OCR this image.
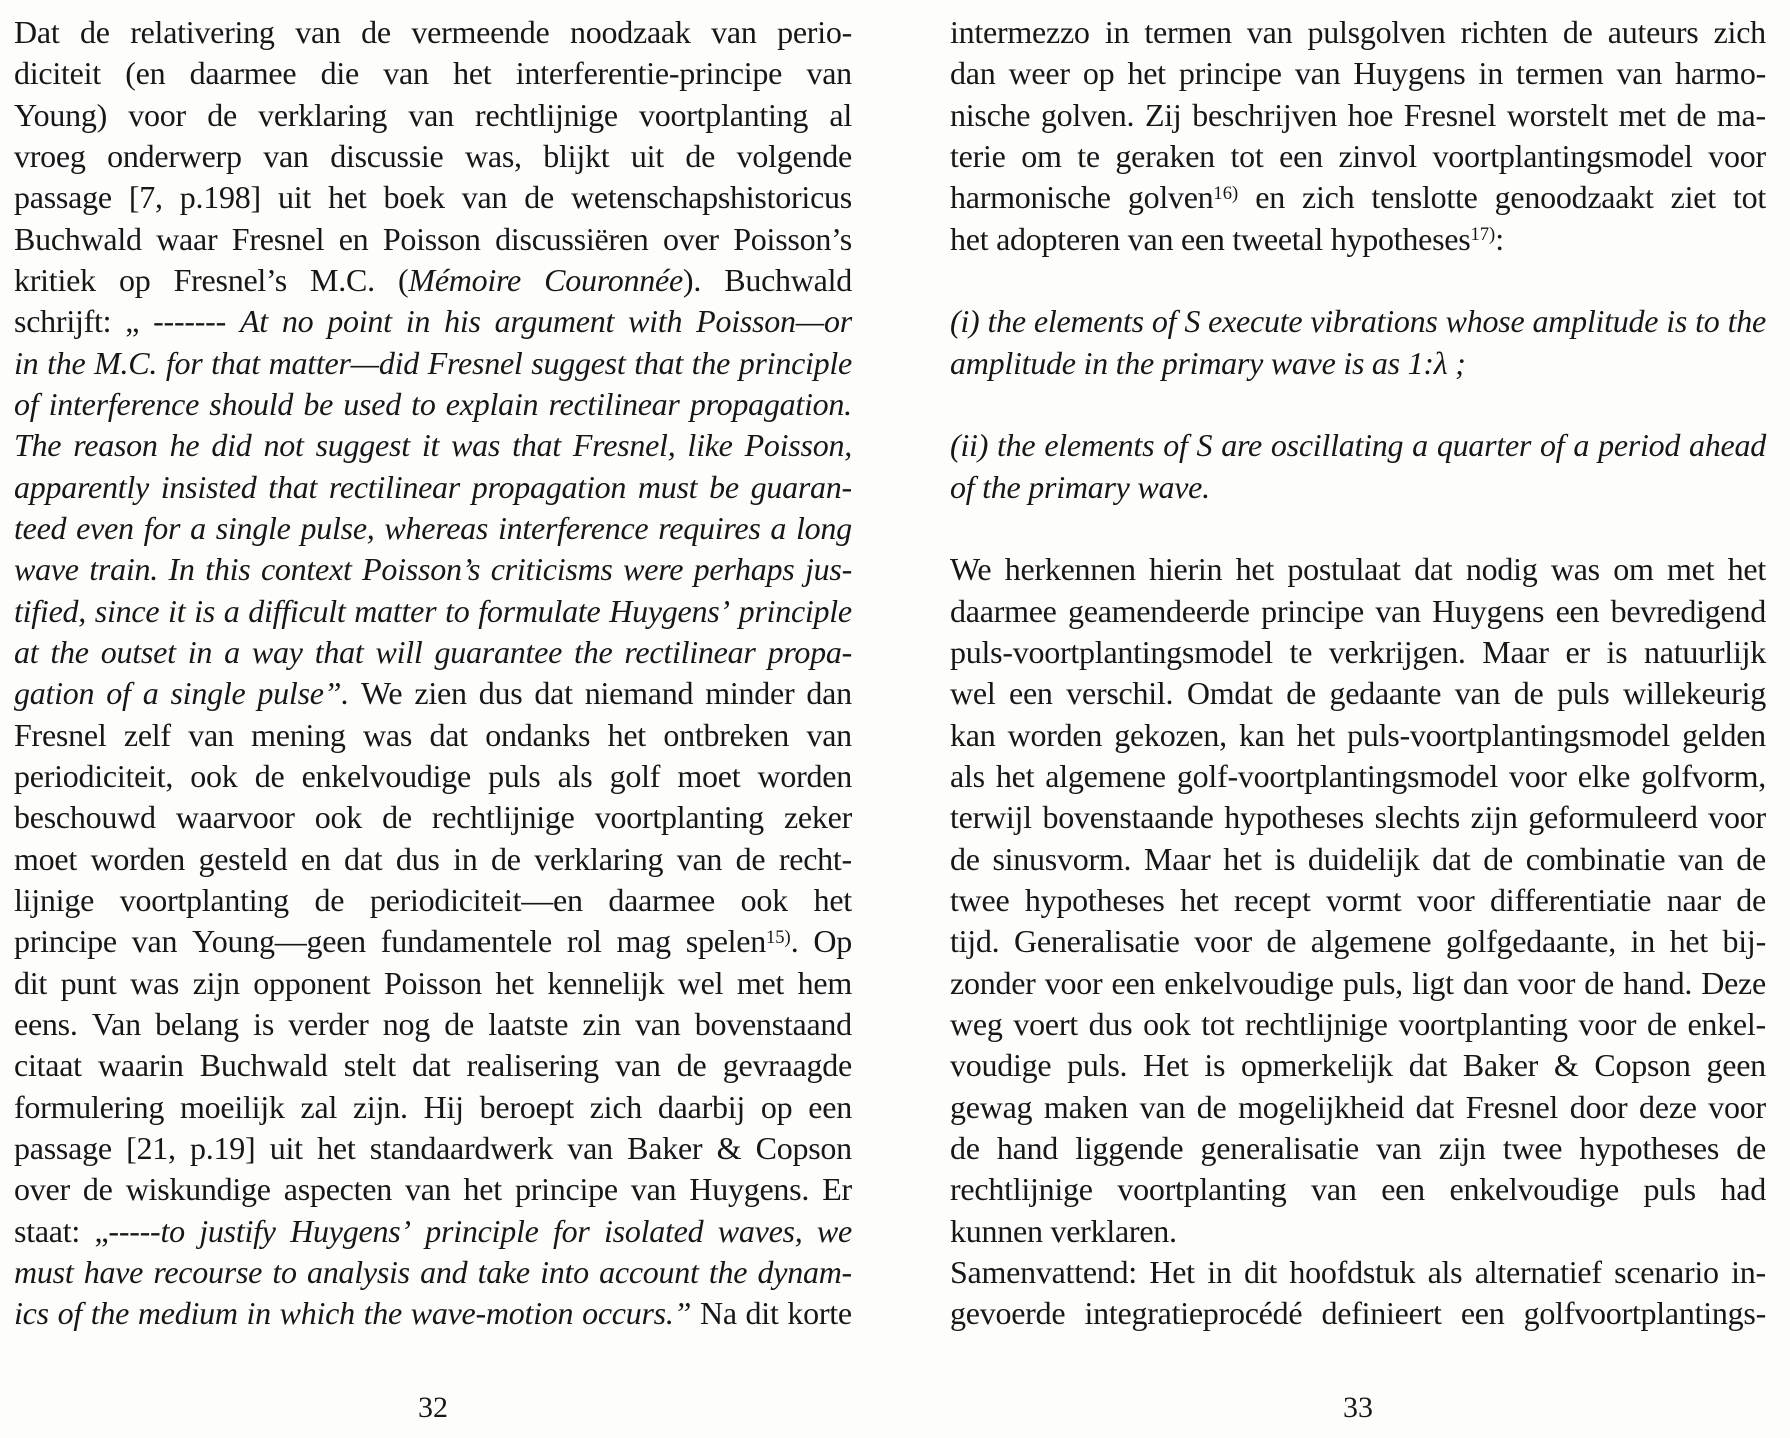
Dat de relativering van de vermeende noodzaak van perio-
diciteit (en daarmee die van het interferentie-principe van
Young) voor de verklaring van rechtlijnige voortplanting al
vroeg onderwerp van discussie was, blijkt uit de volgende
passage [7, p.198] uit het boek van de wetenschapshistoricus
Buchwald waar Fresnel en Poisson discussiëren over Poisson’s
kritiek op Fresnel’s M.C. (Mémoire Couronnée). Buchwald
schrijft: „ ------- At no point in his argument with Poisson—or
in the M.C. for that matter—did Fresnel suggest that the principle
of interference should be used to explain rectilinear propagation.
The reason he did not suggest it was that Fresnel, like Poisson,
apparently insisted that rectilinear propagation must be guaran-
teed even for a single pulse, whereas interference requires a long
wave train. In this context Poisson’s criticisms were perhaps jus-
tified, since it is a difficult matter to formulate Huygens’ principle
at the outset in a way that will guarantee the rectilinear propa-
gation of a single pulse”. We zien dus dat niemand minder dan
Fresnel zelf van mening was dat ondanks het ontbreken van
periodiciteit, ook de enkelvoudige puls als golf moet worden
beschouwd waarvoor ook de rechtlijnige voortplanting zeker
moet worden gesteld en dat dus in de verklaring van de recht-
lijnige voortplanting de periodiciteit—en daarmee ook het
principe van Young—geen fundamentele rol mag spelen$^{15)}$. Op
dit punt was zijn opponent Poisson het kennelijk wel met hem
eens. Van belang is verder nog de laatste zin van bovenstaand
citaat waarin Buchwald stelt dat realisering van de gevraagde
formulering moeilijk zal zijn. Hij beroept zich daarbij op een
passage [21, p.19] uit het standaardwerk van Baker & Copson
over de wiskundige aspecten van het principe van Huygens. Er
staat: „-----to justify Huygens’ principle for isolated waves, we
must have recourse to analysis and take into account the dynam-
ics of the medium in which the wave-motion occurs.” Na dit korte
intermezzo in termen van pulsgolven richten de auteurs zich
dan weer op het principe van Huygens in termen van harmo-
nische golven. Zij beschrijven hoe Fresnel worstelt met de ma-
terie om te geraken tot een zinvol voortplantingsmodel voor
harmonische golven$^{16)}$ en zich tenslotte genoodzaakt ziet tot
het adopteren van een tweetal hypotheses$^{17)}$:
(i) the elements of S execute vibrations whose amplitude is to the
amplitude in the primary wave is as 1:λ ;
(ii) the elements of S are oscillating a quarter of a period ahead
of the primary wave.
We herkennen hierin het postulaat dat nodig was om met het
daarmee geamendeerde principe van Huygens een bevredigend
puls-voortplantingsmodel te verkrijgen. Maar er is natuurlijk
wel een verschil. Omdat de gedaante van de puls willekeurig
kan worden gekozen, kan het puls-voortplantingsmodel gelden
als het algemene golf-voortplantingsmodel voor elke golfvorm,
terwijl bovenstaande hypotheses slechts zijn geformuleerd voor
de sinusvorm. Maar het is duidelijk dat de combinatie van de
twee hypotheses het recept vormt voor differentiatie naar de
tijd. Generalisatie voor de algemene golfgedaante, in het bij-
zonder voor een enkelvoudige puls, ligt dan voor de hand. Deze
weg voert dus ook tot rechtlijnige voortplanting voor de enkel-
voudige puls. Het is opmerkelijk dat Baker & Copson geen
gewag maken van de mogelijkheid dat Fresnel door deze voor
de hand liggende generalisatie van zijn twee hypotheses de
rechtlijnige voortplanting van een enkelvoudige puls had
kunnen verklaren.
Samenvattend: Het in dit hoofdstuk als alternatief scenario in-
gevoerde integratieprocédé definieert een golfvoortplantings-
32	33
